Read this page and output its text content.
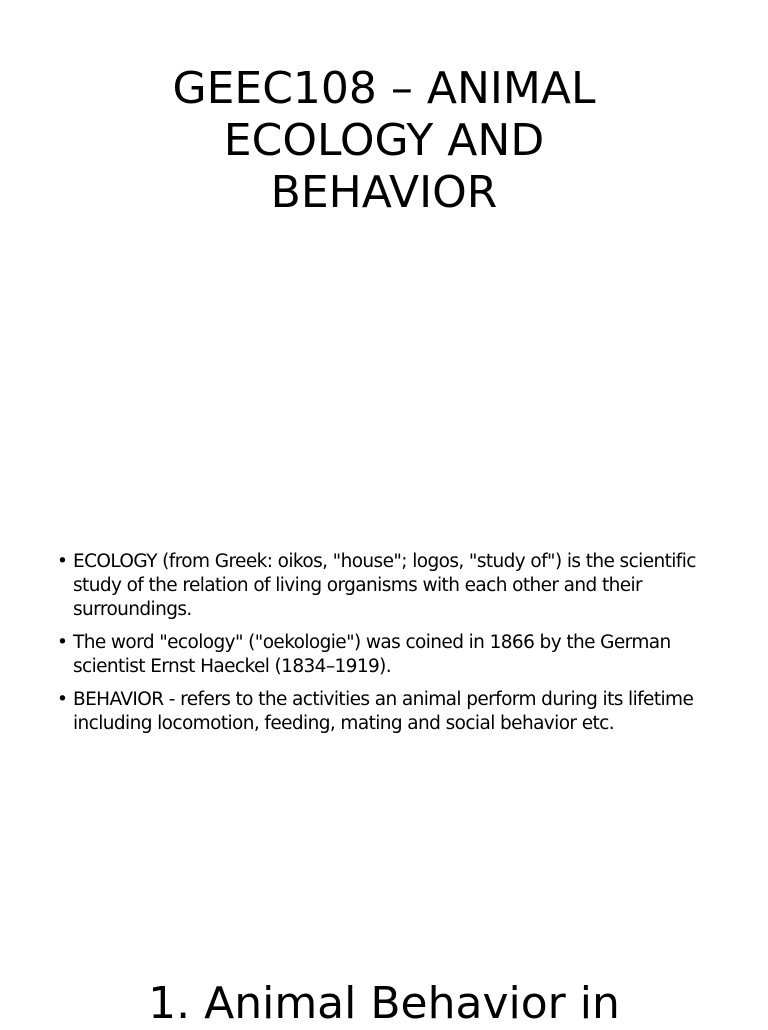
GEEC108 – ANIMAL
ECOLOGY AND
BEHAVIOR
• ECOLOGY (from Greek: oikos, "house"; logos, "study of") is the scientific study of the relation of living organisms with each other and their surroundings.
• The word "ecology" ("oekologie") was coined in 1866 by the German scientist Ernst Haeckel (1834–1919).
• BEHAVIOR - refers to the activities an animal perform during its lifetime including locomotion, feeding, mating and social behavior etc.
1. Animal Behavior in
